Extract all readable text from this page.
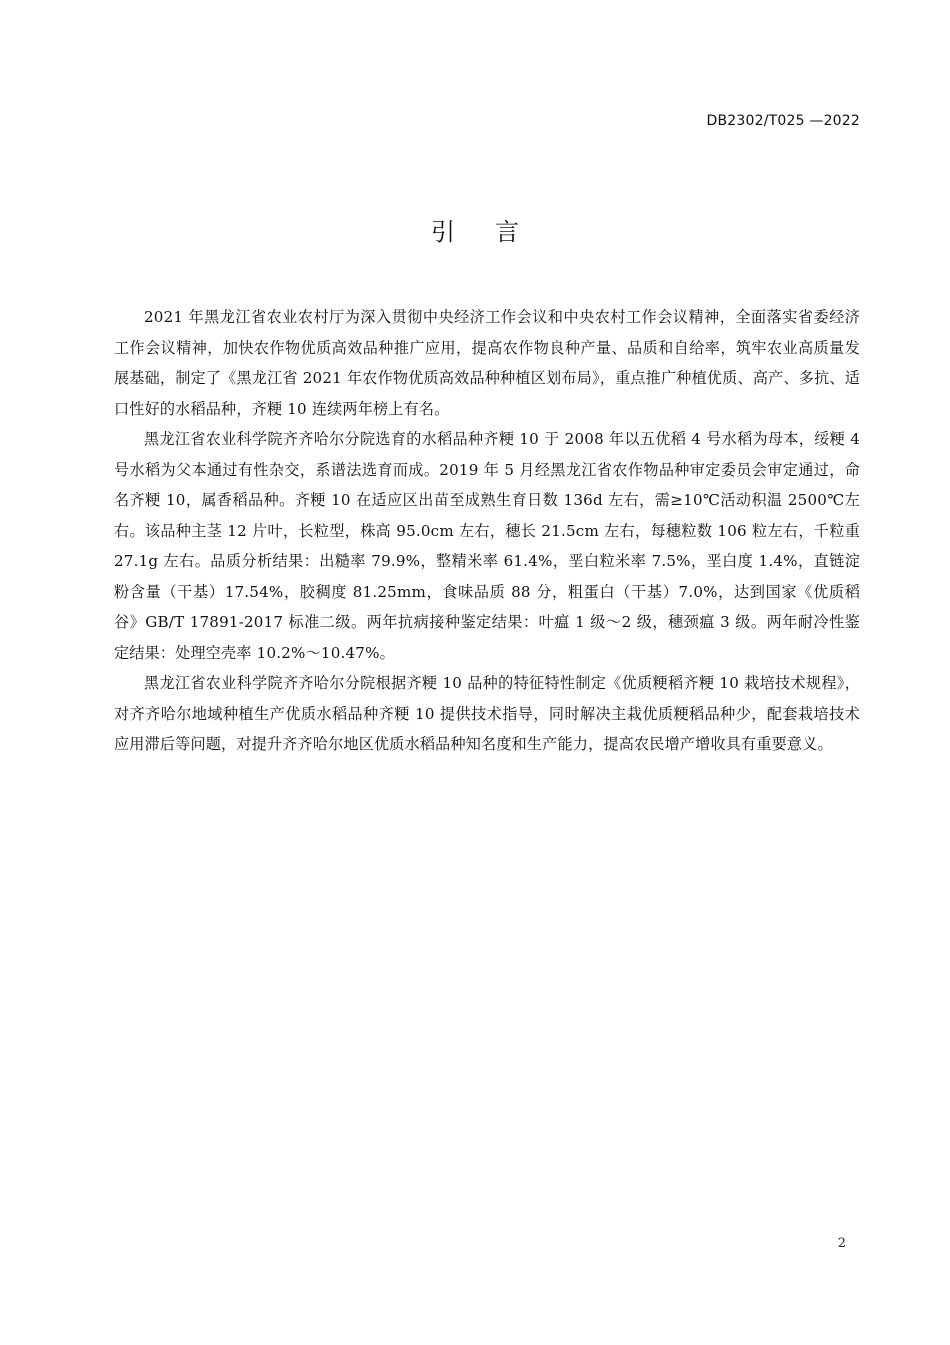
DB2302/T025 —2022
引言

2021 年黑龙江省农业农村厅为深入贯彻中央经济工作会议和中央农村工作会议精神，全面落实省委经济工作会议精神，加快农作物优质高效品种推广应用，提高农作物良种产量、品质和自给率，筑牢农业高质量发展基础，制定了《黑龙江省 2021 年农作物优质高效品种种植区划布局》，重点推广种植优质、高产、多抗、适口性好的水稻品种，齐粳 10 连续两年榜上有名。

黑龙江省农业科学院齐齐哈尔分院选育的水稻品种齐粳 10 于 2008 年以五优稻 4 号水稻为母本，绥粳 4 号水稻为父本通过有性杂交，系谱法选育而成。2019 年 5 月经黑龙江省农作物品种审定委员会审定通过，命名齐粳 10，属香稻品种。齐粳 10 在适应区出苗至成熟生育日数 136d 左右，需≥10℃活动积温 2500℃左右。该品种主茎 12 片叶，长粒型，株高 95.0cm 左右，穗长 21.5cm 左右，每穗粒数 106 粒左右，千粒重 27.1g 左右。品质分析结果：出糙率 79.9%，整精米率 61.4%，垩白粒米率 7.5%，垩白度 1.4%，直链淀粉含量（干基）17.54%，胶稠度 81.25mm，食味品质 88 分，粗蛋白（干基）7.0%，达到国家《优质稻谷》GB/T 17891-2017 标准二级。两年抗病接种鉴定结果：叶瘟 1 级～2 级，穗颈瘟 3 级。两年耐冷性鉴定结果：处理空壳率 10.2%～10.47%。

黑龙江省农业科学院齐齐哈尔分院根据齐粳 10 品种的特征特性制定《优质粳稻齐粳 10 栽培技术规程》，对齐齐哈尔地域种植生产优质水稻品种齐粳 10 提供技术指导，同时解决主栽优质粳稻品种少，配套栽培技术应用滞后等问题，对提升齐齐哈尔地区优质水稻品种知名度和生产能力，提高农民增产增收具有重要意义。

2
